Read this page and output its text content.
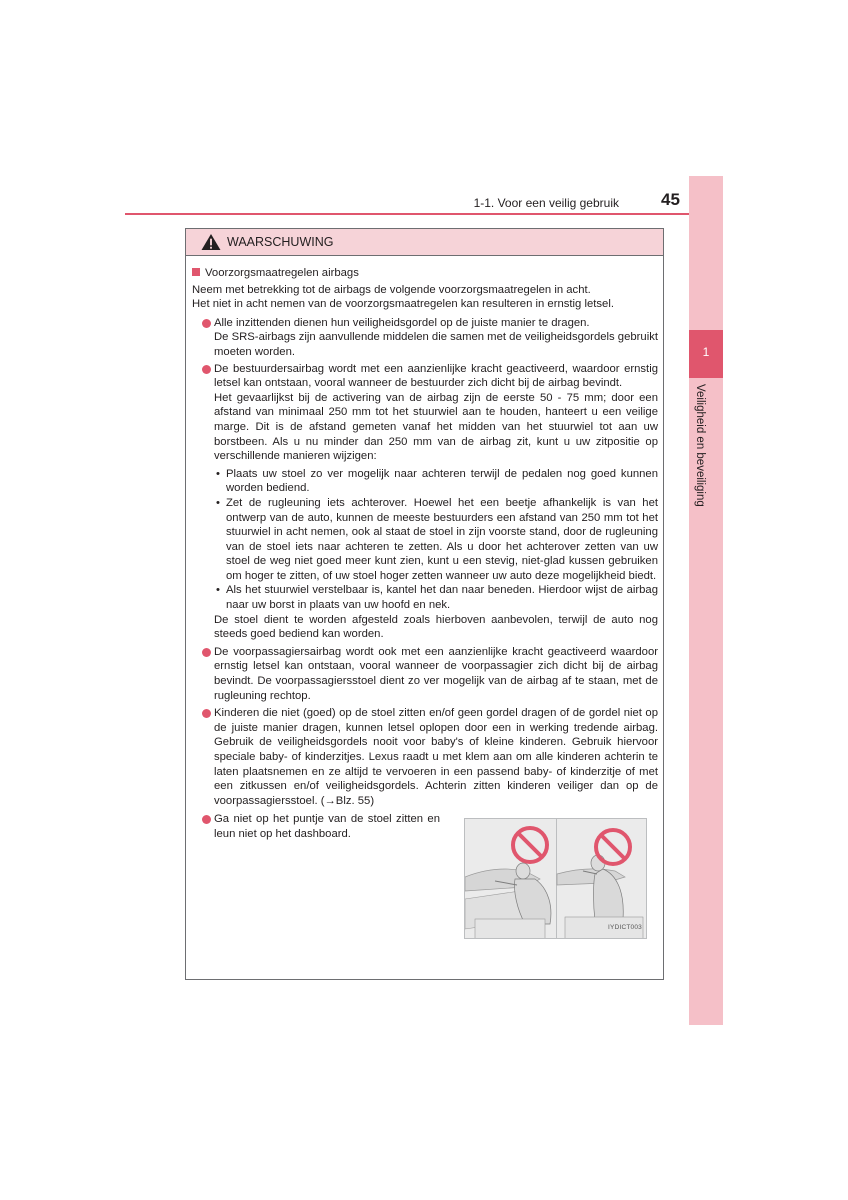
1
Veiligheid en beveiliging
1-1. Voor een veilig gebruik 45
WAARSCHUWING
Voorzorgsmaatregelen airbags

Neem met betrekking tot de airbags de volgende voorzorgsmaatregelen in acht.

Het niet in acht nemen van de voorzorgsmaatregelen kan resulteren in ernstig letsel.

Alle inzittenden dienen hun veiligheidsgordel op de juiste manier te dragen.

De SRS-airbags zijn aanvullende middelen die samen met de veiligheidsgordels gebruikt moeten worden.

De bestuurdersairbag wordt met een aanzienlijke kracht geactiveerd, waardoor ernstig letsel kan ontstaan, vooral wanneer de bestuurder zich dicht bij de airbag bevindt.

Het gevaarlijkst bij de activering van de airbag zijn de eerste 50 - 75 mm; door een afstand van minimaal 250 mm tot het stuurwiel aan te houden, hanteert u een veilige marge. Dit is de afstand gemeten vanaf het midden van het stuurwiel tot aan uw borstbeen. Als u nu minder dan 250 mm van de airbag zit, kunt u uw zitpositie op verschillende manieren wijzigen:

• Plaats uw stoel zo ver mogelijk naar achteren terwijl de pedalen nog goed kunnen worden bediend.
• Zet de rugleuning iets achterover. Hoewel het een beetje afhankelijk is van het ontwerp van de auto, kunnen de meeste bestuurders een afstand van 250 mm tot het stuurwiel in acht nemen, ook al staat de stoel in zijn voorste stand, door de rugleuning van de stoel iets naar achteren te zetten. Als u door het achterover zetten van uw stoel de weg niet goed meer kunt zien, kunt u een stevig, niet-glad kussen gebruiken om hoger te zitten, of uw stoel hoger zetten wanneer uw auto deze mogelijkheid biedt.
• Als het stuurwiel verstelbaar is, kantel het dan naar beneden. Hierdoor wijst de airbag naar uw borst in plaats van uw hoofd en nek.

De stoel dient te worden afgesteld zoals hierboven aanbevolen, terwijl de auto nog steeds goed bediend kan worden.

De voorpassagiersairbag wordt ook met een aanzienlijke kracht geactiveerd waardoor ernstig letsel kan ontstaan, vooral wanneer de voorpassagier zich dicht bij de airbag bevindt. De voorpassagiersstoel dient zo ver mogelijk van de airbag af te staan, met de rugleuning rechtop.

Kinderen die niet (goed) op de stoel zitten en/of geen gordel dragen of de gordel niet op de juiste manier dragen, kunnen letsel oplopen door een in werking tredende airbag. Gebruik de veiligheidsgordels nooit voor baby's of kleine kinderen. Gebruik hiervoor speciale baby- of kinderzitjes. Lexus raadt u met klem aan om alle kinderen achterin te laten plaatsnemen en ze altijd te vervoeren in een passend baby- of kinderzitje of met een zitkussen en/of veiligheidsgordels. Achterin zitten kinderen veiliger dan op de voorpassagiersstoel. (→Blz. 55)

Ga niet op het puntje van de stoel zitten en leun niet op het dashboard.

IYDICT003
